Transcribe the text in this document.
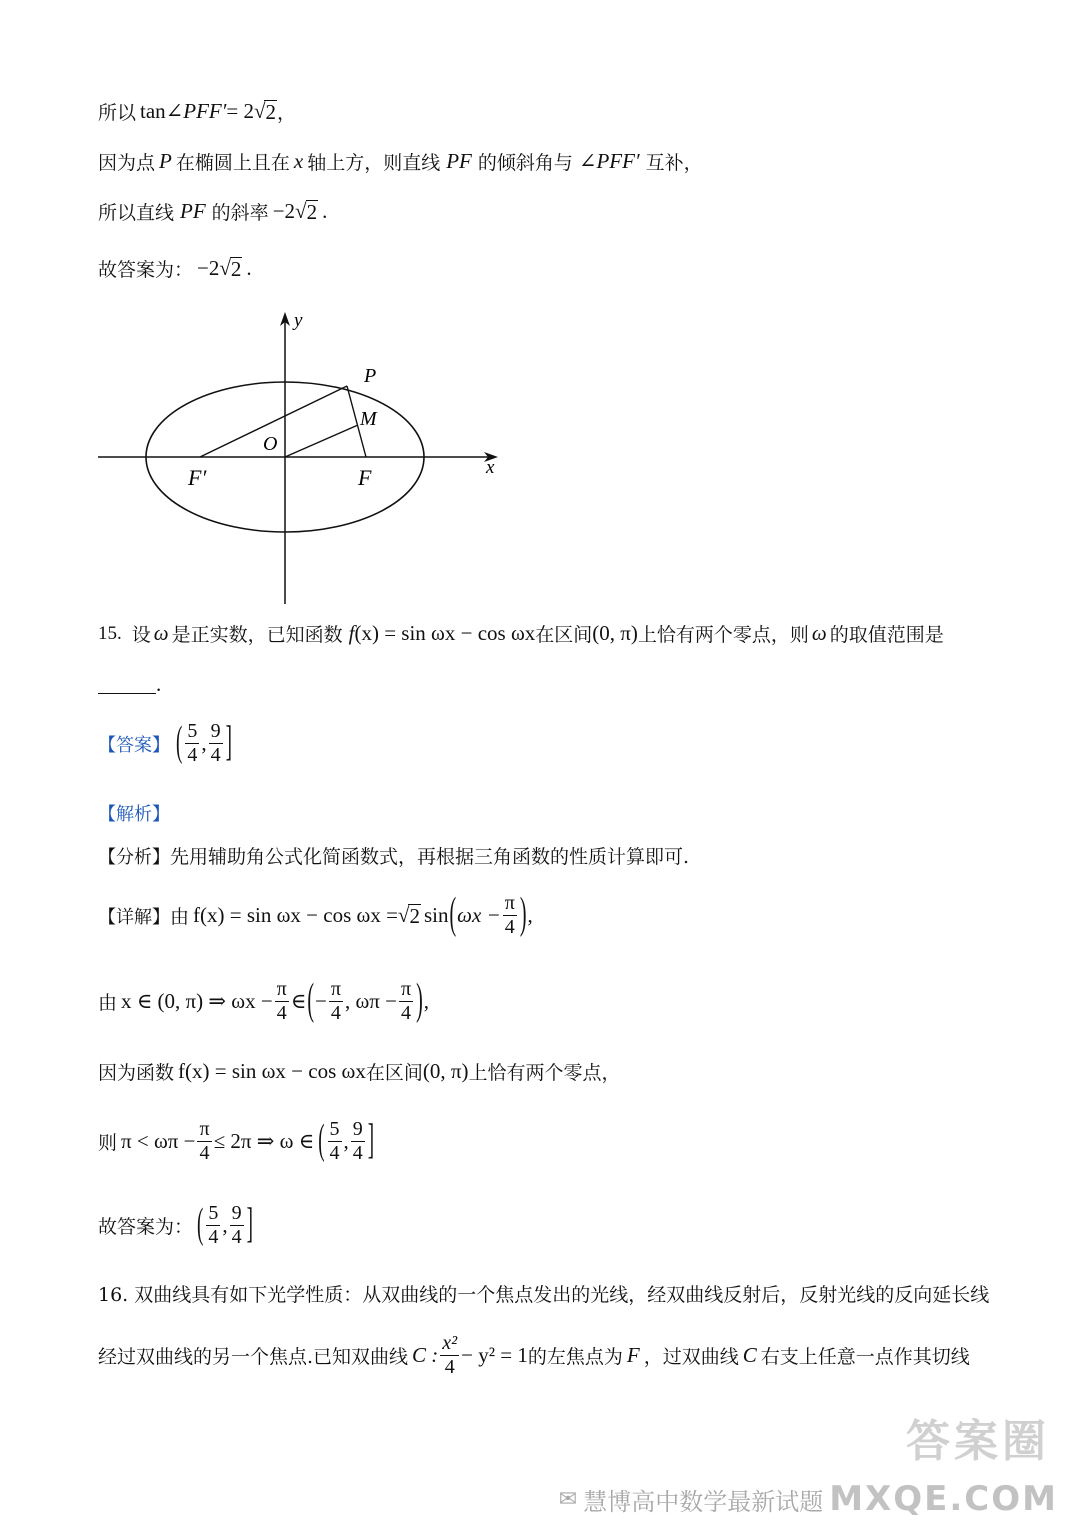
所以 tan ∠ PFF′ = 2 √ 2 ，
因为点 P 在椭圆上且在 x 轴上方，则直线 PF 的倾斜角与 ∠PFF′ 互补，
所以直线 PF 的斜率 −2 √ 2 .
故答案为： −2 √ 2 .
y
x
P
M
O
F′	F
15. 设 ω 是正实数，已知函数 f (x) = sin ωx − cos ωx 在区间 (0, π) 上恰有两个零点，则 ω 的取值范围是
.
【答案】 ( $\frac{5}{4}$ , $\frac{9}{4}$ ]
【解析】
【分析】 先用辅助角公式化简函数式，再根据三角函数的性质计算即可.
【详解】 由 f(x) = sin ωx − cos ωx = √ 2 sin ( $\omega x - \frac{\pi}{4}$ ) ,
由 x ∈ (0, π) ⇒ $\omega x - \frac{\pi}{4}$ ∈ ( − $\frac{\pi}{4}$ , $\omega\pi - \frac{\pi}{4}$ ) ,
因为函数 f(x) = sin ωx − cos ωx 在区间 (0, π) 上恰有两个零点，
则 $\pi < \omega\pi - \frac{\pi}{4} \le 2\pi$ ⇒ ω ∈ ( $\frac{5}{4}$ , $\frac{9}{4}$ ]
故答案为： ( $\frac{5}{4}$ , $\frac{9}{4}$ ]
16. 双曲线具有如下光学性质：从双曲线的一个焦点发出的光线，经双曲线反射后，反射光线的反向延长线
经过双曲线的另一个焦点.已知双曲线 C : $\frac{\text{x²}}{4} - y^2 = 1$ 的左焦点为 F ，过双曲线 C 右支上任意一点作其切线
✉ 慧博高中数学最新试题 MXQE.COM
答案圈
